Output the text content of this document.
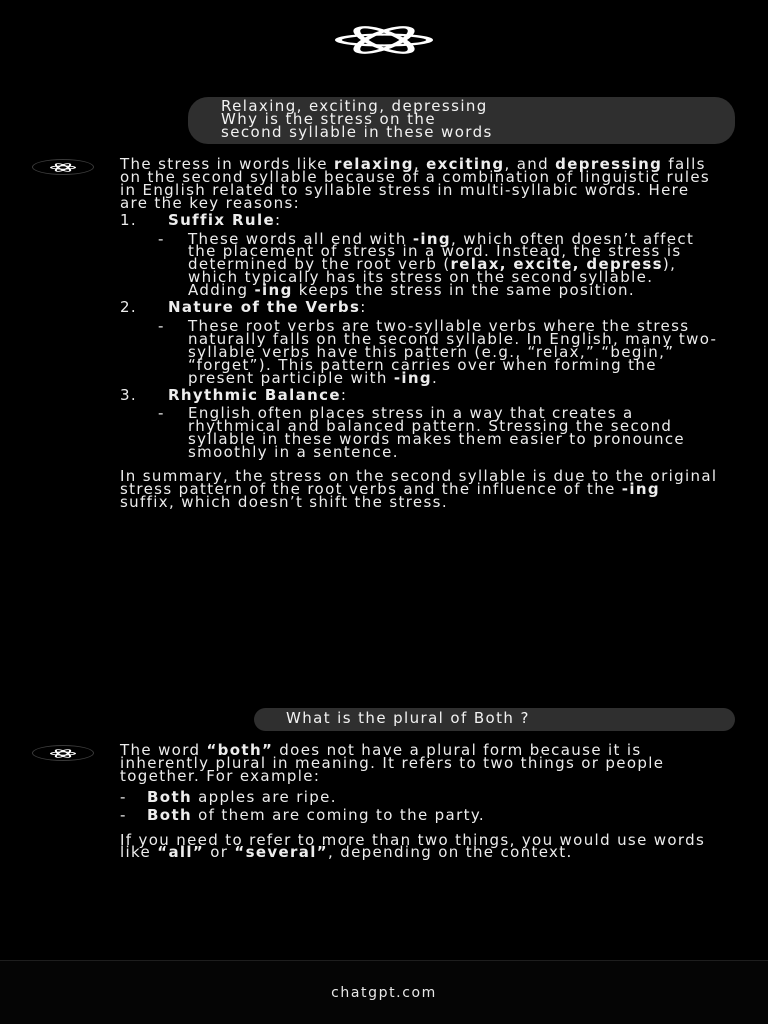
Relaxing, exciting, depressing
Why is the stress on the
second syllable in these words

The stress in words like relaxing, exciting, and depressing falls on the second syllable because of a combination of linguistic rules in English related to syllable stress in multi-syllabic words. Here are the key reasons:

1.	Suffix Rule:
-	These words all end with -ing, which often doesn’t affect the placement of stress in a word. Instead, the stress is determined by the root verb (relax, excite, depress), which typically has its stress on the second syllable. Adding -ing keeps the stress in the same position.
2.	Nature of the Verbs:
-	These root verbs are two-syllable verbs where the stress naturally falls on the second syllable. In English, many two-syllable verbs have this pattern (e.g., “relax,” “begin,” “forget”). This pattern carries over when forming the present participle with -ing.
3.	Rhythmic Balance:
-	English often places stress in a way that creates a rhythmical and balanced pattern. Stressing the second syllable in these words makes them easier to pronounce smoothly in a sentence.

In summary, the stress on the second syllable is due to the original stress pattern of the root verbs and the influence of the -ing suffix, which doesn’t shift the stress.

What is the plural of Both ?

The word “both” does not have a plural form because it is inherently plural in meaning. It refers to two things or people together. For example:

-	Both apples are ripe.
-	Both of them are coming to the party.

If you need to refer to more than two things, you would use words like “all” or “several”, depending on the context.

chatgpt.com
